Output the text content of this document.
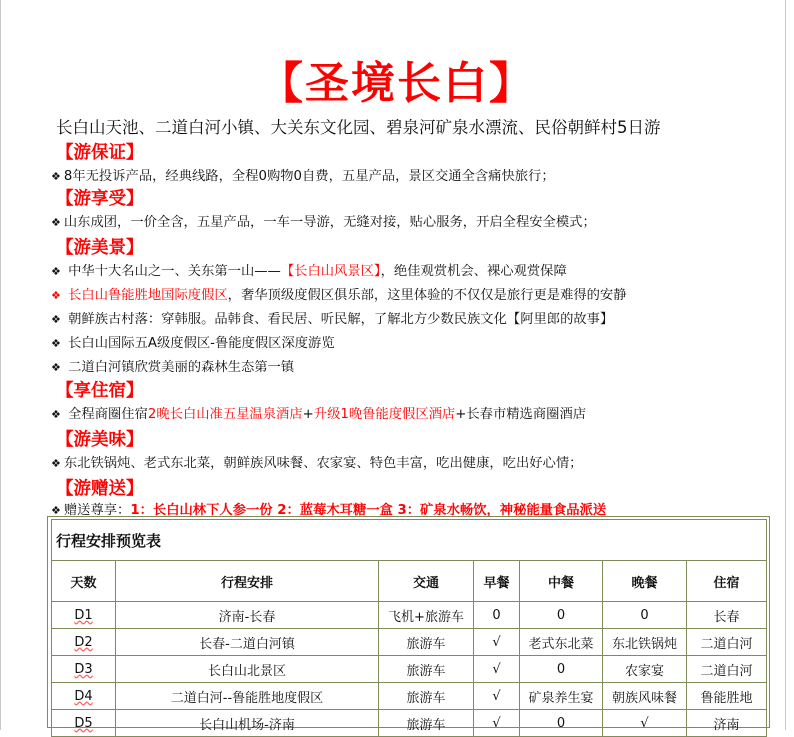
【圣境长白】
长白山天池、二道白河小镇、大关东文化园、碧泉河矿泉水漂流、民俗朝鲜村5日游
【游保证】
❖ 8年无投诉产品，经典线路，全程0购物0自费，五星产品，景区交通全含痛快旅行；
【游享受】
❖ 山东成团，一价全含，五星产品，一车一导游，无缝对接，贴心服务，开启全程安全模式；
【游美景】
❖ 中华十大名山之一、关东第一山——【长白山风景区】，绝佳观赏机会、裸心观赏保障
❖ 长白山鲁能胜地国际度假区，奢华顶级度假区俱乐部，这里体验的不仅仅是旅行更是难得的安静
❖ 朝鲜族古村落：穿韩服。品韩食、看民居、听民解，了解北方少数民族文化【阿里郎的故事】
❖ 长白山国际五A级度假区-鲁能度假区深度游览
❖ 二道白河镇欣赏美丽的森林生态第一镇
【享住宿】
❖ 全程商圈住宿2晚长白山准五星温泉酒店+升级1晚鲁能度假区酒店+长春市精选商圈酒店
【游美味】
❖ 东北铁锅炖、老式东北菜，朝鲜族风味餐、农家宴、特色丰富，吃出健康，吃出好心情；
【游赠送】
❖ 赠送尊享：1：长白山林下人参一份 2：蓝莓木耳糖一盒 3：矿泉水畅饮，神秘能量食品派送
行程安排预览表						
天数	行程安排	交通	早餐	中餐	晚餐	住宿
D1	济南-长春	飞机+旅游车	0	0	0	长春
D2	长春-二道白河镇	旅游车	√	老式东北菜	东北铁锅炖	二道白河
D3	长白山北景区	旅游车	√	0	农家宴	二道白河
D4	二道白河--鲁能胜地度假区	旅游车	√	矿泉养生宴	朝族风味餐	鲁能胜地
D5	长白山机场-济南	旅游车	√	0	√	济南
